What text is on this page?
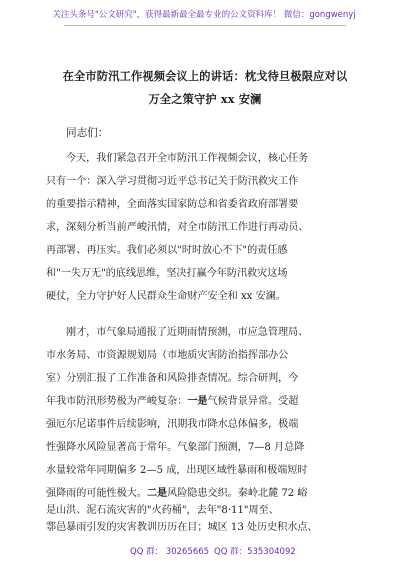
关注头条号"公文研究"，获得最新最全最专业的公文资料库！ 微信：gongwenyj
在全市防汛工作视频会议上的讲话：枕戈待旦极限应对以
万全之策守护 xx 安澜
同志们：
今天，我们紧急召开全市防汛工作视频会议，核心任务
只有一个：深入学习贯彻习近平总书记关于防汛救灾工作
的重要指示精神，全面落实国家防总和省委省政府部署要
求，深刻分析当前严峻汛情，对全市防汛工作进行再动员、
再部署、再压实。我们必须以"时时放心不下"的责任感
和"一失万无"的底线思维，坚决打赢今年防汛救灾这场
硬仗，全力守护好人民群众生命财产安全和 xx 安澜。
刚才，市气象局通报了近期雨情预测，市应急管理局、
市水务局、市资源规划局（市地质灾害防治指挥部办公
室）分别汇报了工作准备和风险排查情况。综合研判，今
年我市防汛形势极为严峻复杂：一是气候背景异常。受超
强厄尔尼诺事件后续影响，汛期我市降水总体偏多，极端
性强降水风险显著高于常年。气象部门预测，7—8 月总降
水量较常年同期偏多 2—5 成，出现区域性暴雨和极端短时
强降雨的可能性极大。二是风险隐患交织。秦岭北麓 72 峪
是山洪、泥石流灾害的"火药桶"，去年"8·11"周至、
鄠邑暴雨引发的灾害教训历历在目；城区 13 处历史积水点、
QQ 群： 30265665 QQ 群：535304092
